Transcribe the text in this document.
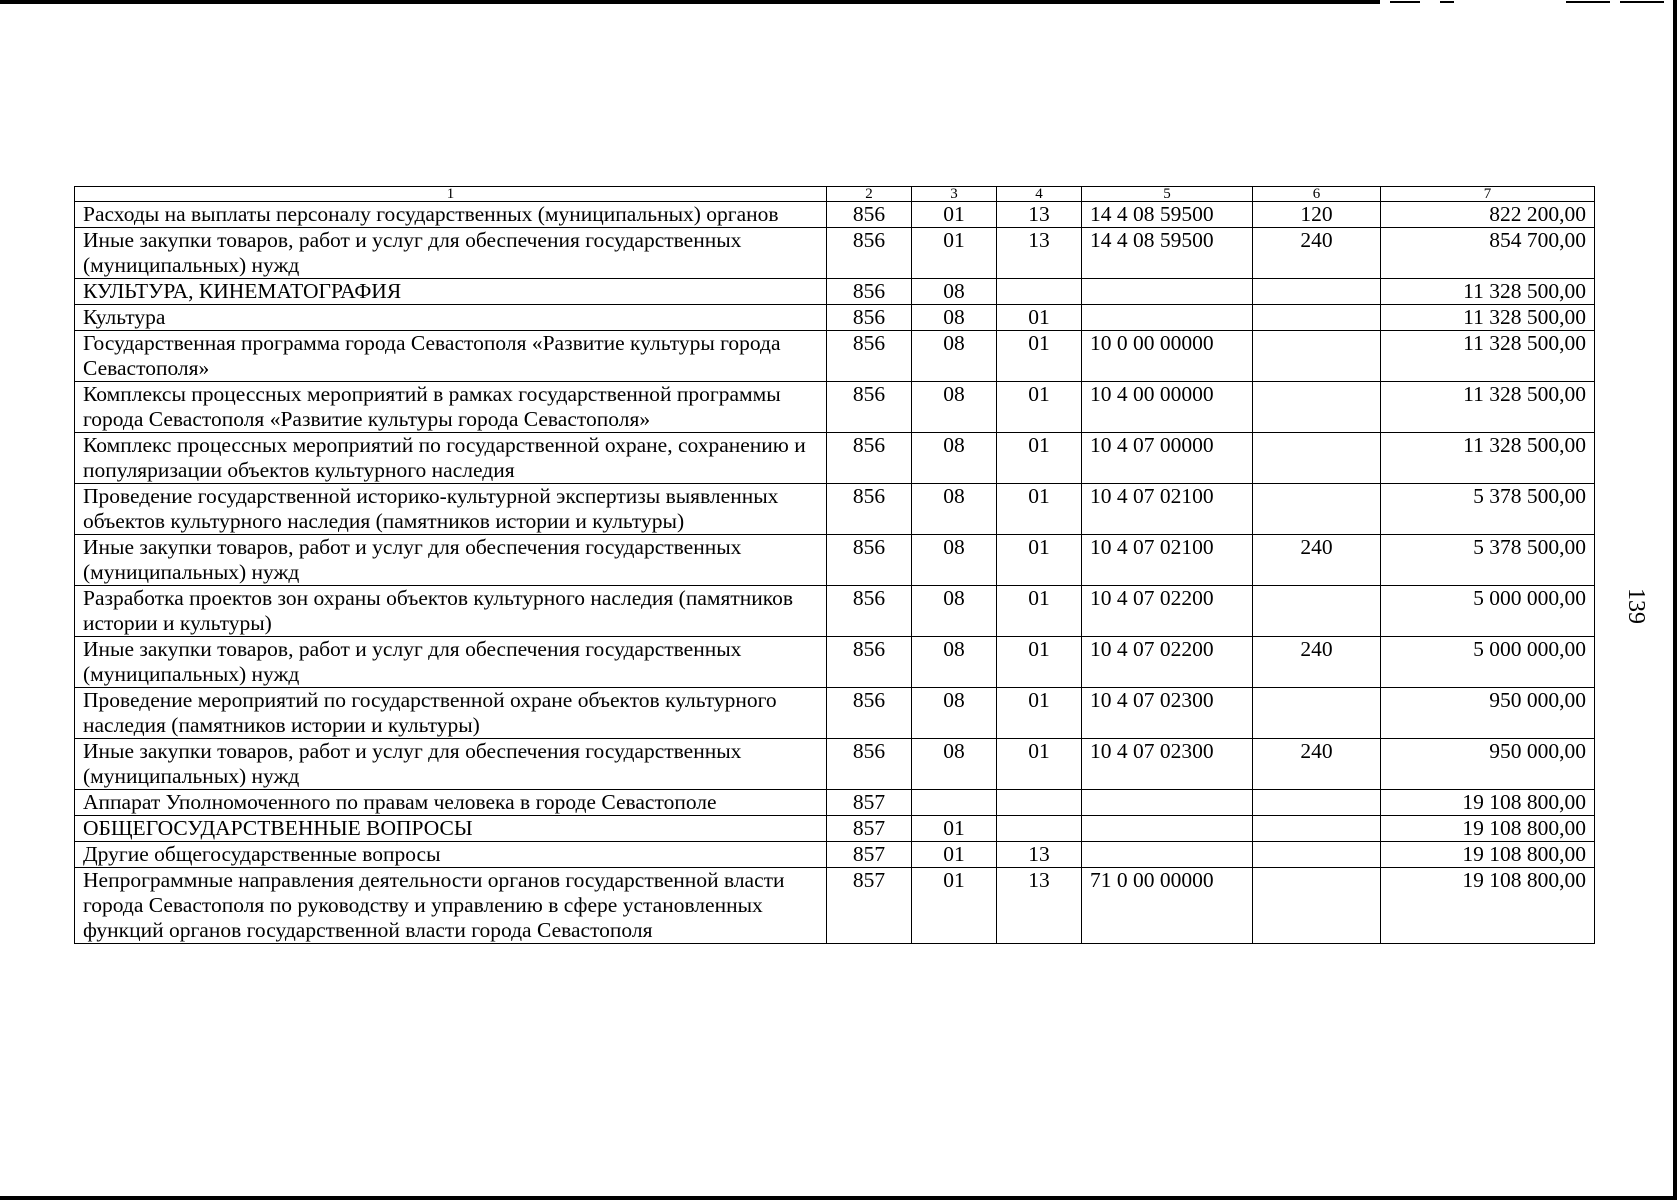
139
1	2	3	4	5	6	7
Расходы на выплаты персоналу государственных (муниципальных) органов	856	01	13	14 4 08 59500	120	822 200,00
Иные закупки товаров, работ и услуг для обеспечения государственных (муниципальных) нужд	856	01	13	14 4 08 59500	240	854 700,00
КУЛЬТУРА, КИНЕМАТОГРАФИЯ	856	08				11 328 500,00
Культура	856	08	01			11 328 500,00
Государственная программа города Севастополя «Развитие культуры города Севастополя»	856	08	01	10 0 00 00000		11 328 500,00
Комплексы процессных мероприятий в рамках государственной программы города Севастополя «Развитие культуры города Севастополя»	856	08	01	10 4 00 00000		11 328 500,00
Комплекс процессных мероприятий по государственной охране, сохранению и популяризации объектов культурного наследия	856	08	01	10 4 07 00000		11 328 500,00
Проведение государственной историко-культурной экспертизы выявленных объектов культурного наследия (памятников истории и культуры)	856	08	01	10 4 07 02100		5 378 500,00
Иные закупки товаров, работ и услуг для обеспечения государственных (муниципальных) нужд	856	08	01	10 4 07 02100	240	5 378 500,00
Разработка проектов зон охраны объектов культурного наследия (памятников истории и культуры)	856	08	01	10 4 07 02200		5 000 000,00
Иные закупки товаров, работ и услуг для обеспечения государственных (муниципальных) нужд	856	08	01	10 4 07 02200	240	5 000 000,00
Проведение мероприятий по государственной охране объектов культурного наследия (памятников истории и культуры)	856	08	01	10 4 07 02300		950 000,00
Иные закупки товаров, работ и услуг для обеспечения государственных (муниципальных) нужд	856	08	01	10 4 07 02300	240	950 000,00
Аппарат Уполномоченного по правам человека в городе Севастополе	857					19 108 800,00
ОБЩЕГОСУДАРСТВЕННЫЕ ВОПРОСЫ	857	01				19 108 800,00
Другие общегосударственные вопросы	857	01	13			19 108 800,00
Непрограммные направления деятельности органов государственной власти города Севастополя по руководству и управлению в сфере установленных функций органов государственной власти города Севастополя	857	01	13	71 0 00 00000		19 108 800,00
